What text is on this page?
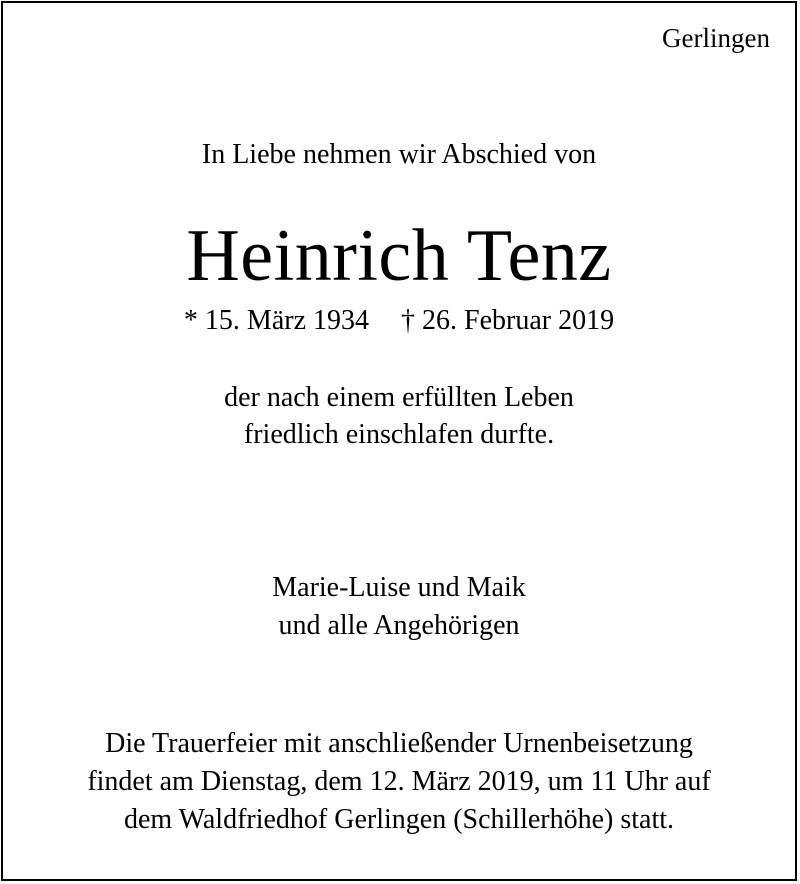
Gerlingen
In Liebe nehmen wir Abschied von
Heinrich Tenz
* 15. März 1934 † 26. Februar 2019
der nach einem erfüllten Leben
friedlich einschlafen durfte.
Marie-Luise und Maik
und alle Angehörigen
Die Trauerfeier mit anschließender Urnenbeisetzung
findet am Dienstag, dem 12. März 2019, um 11 Uhr auf
dem Waldfriedhof Gerlingen (Schillerhöhe) statt.
